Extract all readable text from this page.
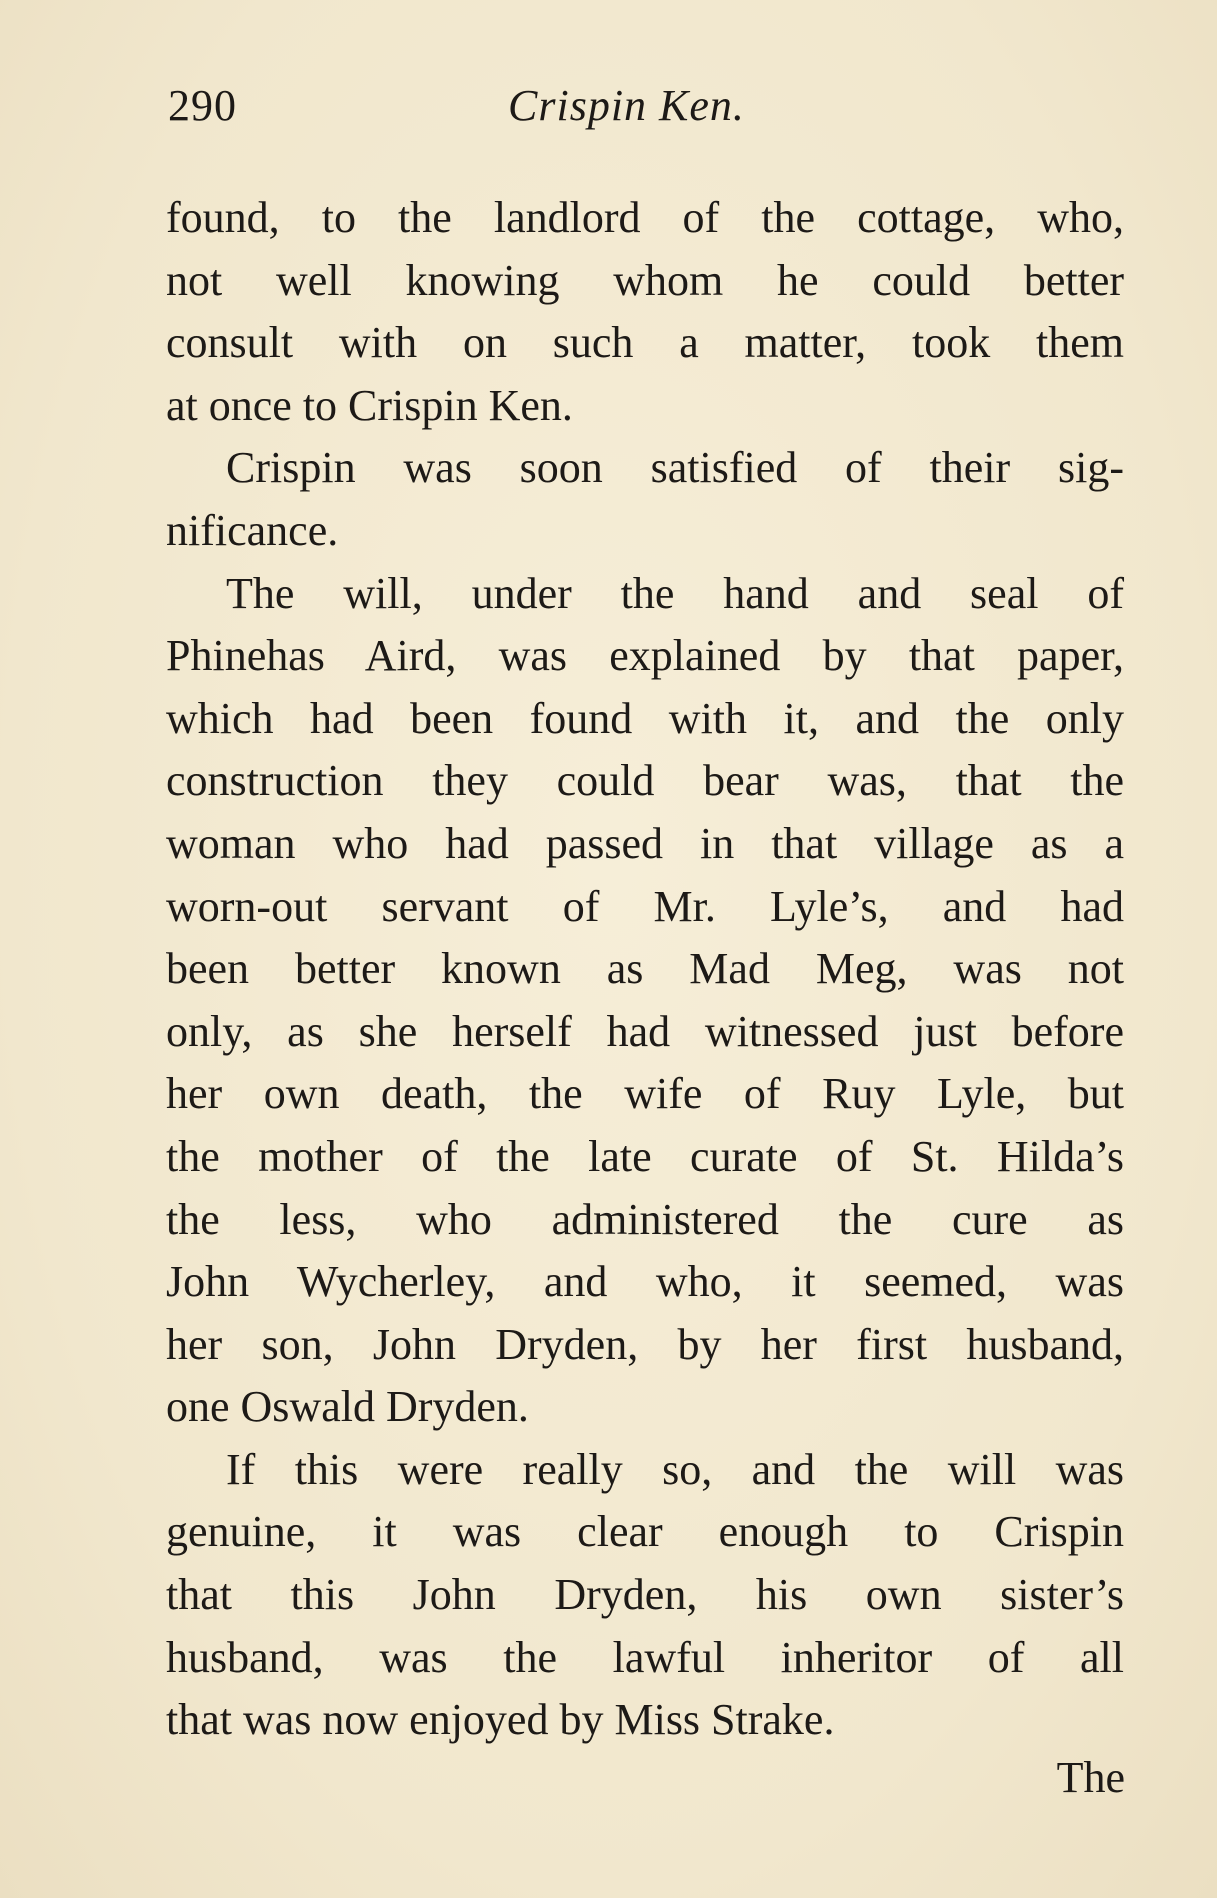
290	Crispin Ken.
found, to the landlord of the cottage, who,
not well knowing whom he could better
consult with on such a matter, took them
at once to Crispin Ken.
Crispin was soon satisfied of their sig-
nificance.
The will, under the hand and seal of
Phinehas Aird, was explained by that paper,
which had been found with it, and the only
construction they could bear was, that the
woman who had passed in that village as a
worn-out servant of Mr. Lyle’s, and had
been better known as Mad Meg, was not
only, as she herself had witnessed just before
her own death, the wife of Ruy Lyle, but
the mother of the late curate of St. Hilda’s
the less, who administered the cure as
John Wycherley, and who, it seemed, was
her son, John Dryden, by her first husband,
one Oswald Dryden.
If this were really so, and the will was
genuine, it was clear enough to Crispin
that this John Dryden, his own sister’s
husband, was the lawful inheritor of all
that was now enjoyed by Miss Strake.
The
